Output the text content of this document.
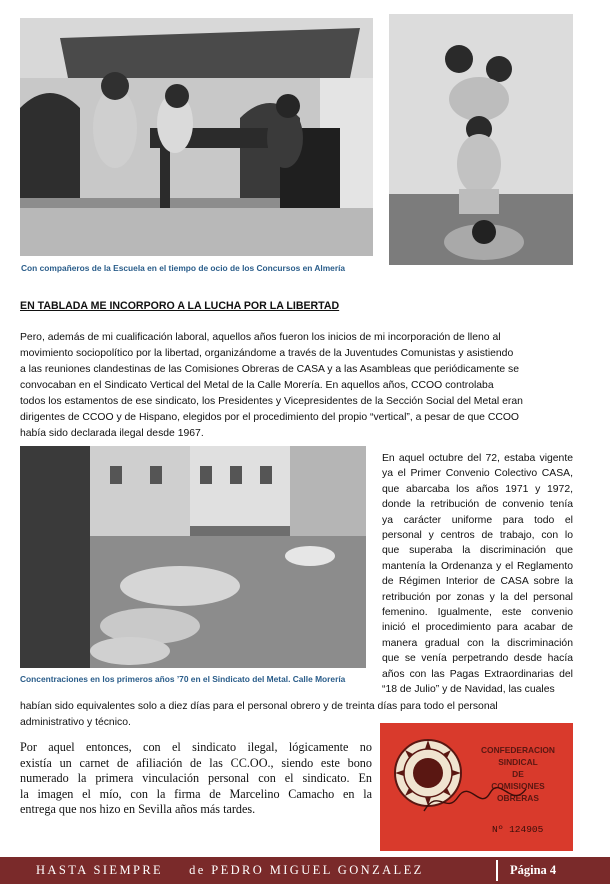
Con compañeros de la Escuela en el tiempo de ocio de los Concursos en Almería
EN TABLADA ME INCORPORO A LA LUCHA POR LA LIBERTAD
Pero, además de mi cualificación laboral, aquellos años fueron los inicios de mi incorporación de lleno al
movimiento sociopolítico por la libertad, organizándome a través de la Juventudes Comunistas y asistiendo
a las reuniones clandestinas de las Comisiones Obreras de CASA y a las Asambleas que periódicamente se
convocaban en el Sindicato Vertical del Metal de la Calle Morería. En aquellos años, CCOO controlaba
todos los estamentos de ese sindicato, los Presidentes y Vicepresidentes de la Sección Social del Metal eran
dirigentes de CCOO y de Hispano, elegidos por el procedimiento del propio “vertical”, a pesar de que CCOO
había sido declarada ilegal desde 1967.
Concentraciones en los primeros años ’70 en el Sindicato del Metal. Calle Morería
En aquel octubre del 72, estaba vigente
ya el Primer Convenio Colectivo CASA,
que abarcaba los años 1971 y 1972,
donde la retribución de convenio tenía
ya carácter uniforme para todo el
personal y centros de trabajo, con lo
que superaba la discriminación que
mantenía la Ordenanza y el Reglamento
de Régimen Interior de CASA sobre la
retribución por zonas y la del personal
femenino. Igualmente, este convenio
inició el procedimiento para acabar de
manera gradual con la discriminación
que se venía perpetrando desde hacía
años con las Pagas Extraordinarias del
“18 de Julio” y de Navidad, las cuales
habían sido equivalentes solo a diez días para el personal obrero y de treinta días para todo el personal
administrativo y técnico.
Por aquel entonces, con el sindicato ilegal, lógicamente no
existía un carnet de afiliación de las CC.OO., siendo este bono
numerado la primera vinculación personal con el sindicato. En
la imagen el mío, con la firma de Marcelino Camacho en la
entrega que nos hizo en Sevilla años más tardes.
CONFEDERACION
SINDICAL
DE
COMISIONES
OBRERAS
Nº 124905
HASTA SIEMPRE de PEDRO MIGUEL GONZALEZ	Página 4
